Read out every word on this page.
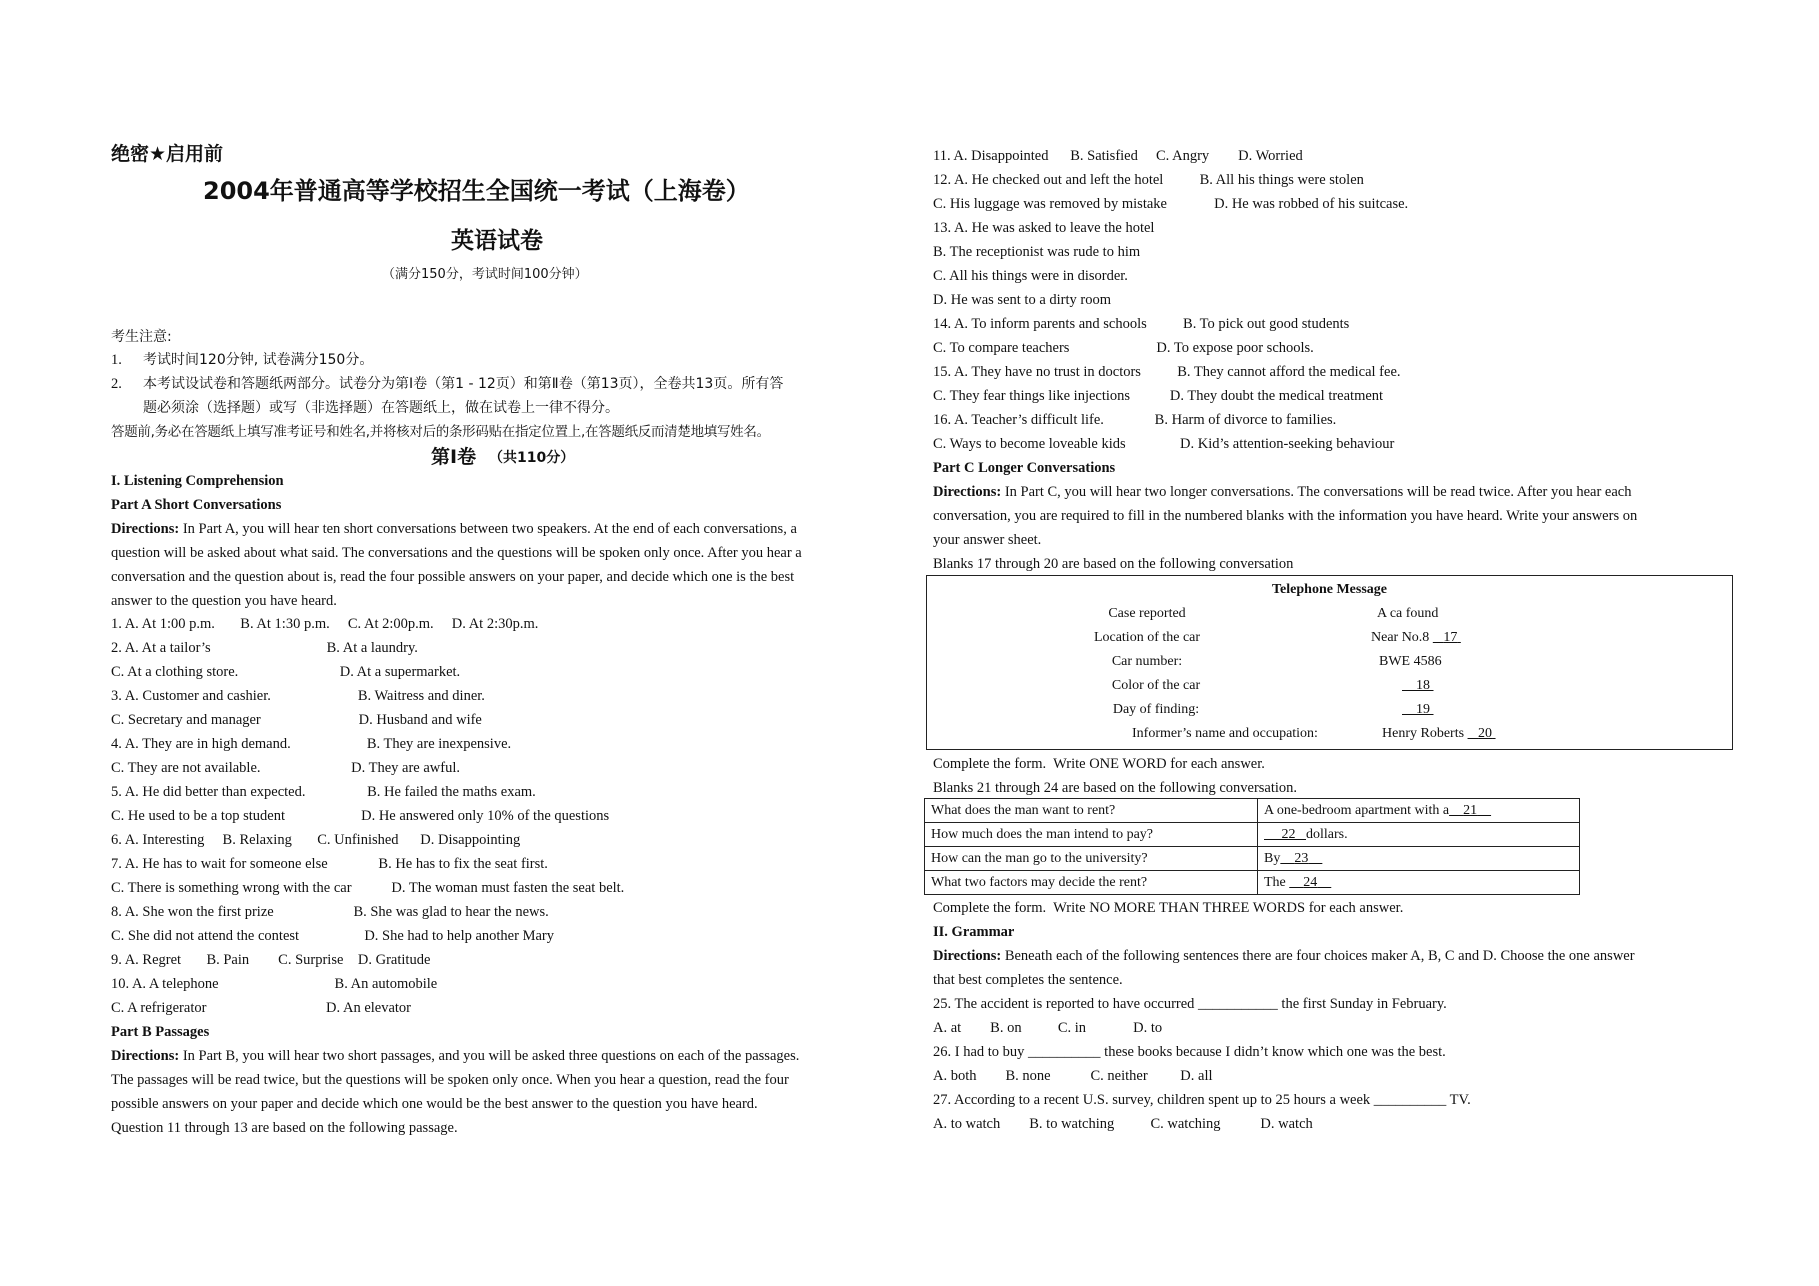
绝密★启用前
2004年普通高等学校招生全国统一考试（上海卷）
英语试卷
（满分150分，考试时间100分钟）
考生注意:
1. 考试时间120分钟, 试卷满分150分。
2. 本考试设试卷和答题纸两部分。试卷分为第Ⅰ卷（第1 - 12页）和第Ⅱ卷（第13页），全卷共13页。所有答
题必须涂（选择题）或写（非选择题）在答题纸上，做在试卷上一律不得分。
答题前,务必在答题纸上填写准考证号和姓名,并将核对后的条形码贴在指定位置上,在答题纸反而清楚地填写姓名。
第Ⅰ卷 （共110分）
I. Listening Comprehension
Part A Short Conversations
Directions: In Part A, you will hear ten short conversations between two speakers. At the end of each conversations, a
question will be asked about what said. The conversations and the questions will be spoken only once. After you hear a
conversation and the question about is, read the four possible answers on your paper, and decide which one is the best
answer to the question you have heard.
1. A. At 1:00 p.m.       B. At 1:30 p.m.     C. At 2:00p.m.     D. At 2:30p.m.
2. A. At a tailor’s                                B. At a laundry.
C. At a clothing store.                            D. At a supermarket.
3. A. Customer and cashier.                        B. Waitress and diner.
C. Secretary and manager                           D. Husband and wife
4. A. They are in high demand.                     B. They are inexpensive.
C. They are not available.                         D. They are awful.
5. A. He did better than expected.                 B. He failed the maths exam.
C. He used to be a top student                     D. He answered only 10% of the questions
6. A. Interesting     B. Relaxing       C. Unfinished      D. Disappointing
7. A. He has to wait for someone else              B. He has to fix the seat first.
C. There is something wrong with the car           D. The woman must fasten the seat belt.
8. A. She won the first prize                      B. She was glad to hear the news.
C. She did not attend the contest                  D. She had to help another Mary
9. A. Regret       B. Pain        C. Surprise    D. Gratitude
10. A. A telephone                                B. An automobile
C. A refrigerator                                 D. An elevator
Part B Passages
Directions: In Part B, you will hear two short passages, and you will be asked three questions on each of the passages.
The passages will be read twice, but the questions will be spoken only once. When you hear a question, read the four
possible answers on your paper and decide which one would be the best answer to the question you have heard.
Question 11 through 13 are based on the following passage.
11. A. Disappointed      B. Satisfied     C. Angry        D. Worried
12. A. He checked out and left the hotel          B. All his things were stolen
C. His luggage was removed by mistake             D. He was robbed of his suitcase.
13. A. He was asked to leave the hotel
B. The receptionist was rude to him
C. All his things were in disorder.
D. He was sent to a dirty room
14. A. To inform parents and schools          B. To pick out good students
C. To compare teachers                        D. To expose poor schools.
15. A. They have no trust in doctors          B. They cannot afford the medical fee.
C. They fear things like injections           D. They doubt the medical treatment
16. A. Teacher’s difficult life.              B. Harm of divorce to families.
C. Ways to become loveable kids               D. Kid’s attention-seeking behaviour
Part C Longer Conversations
Directions: In Part C, you will hear two longer conversations. The conversations will be read twice. After you hear each
conversation, you are required to fill in the numbered blanks with the information you have heard. Write your answers on
your answer sheet.
Blanks 17 through 20 are based on the following conversation
Telephone Message
Case reported	A ca found
Location of the car	Near No.8    17
Car number:	BWE 4586
Color of the car	18
Day of finding:	19
Informer’s name and occupation:	Henry Roberts    20
Complete the form.  Write ONE WORD for each answer.
Blanks 21 through 24 are based on the following conversation.
What does the man want to rent?	A one-bedroom apartment with a 21
How much does the man intend to pay?	22 dollars.
How can the man go to the university?	By 23
What two factors may decide the rent?	The     24
Complete the form.  Write NO MORE THAN THREE WORDS for each answer.
II. Grammar
Directions: Beneath each of the following sentences there are four choices maker A, B, C and D. Choose the one answer
that best completes the sentence.
25. The accident is reported to have occurred ___________ the first Sunday in February.
A. at        B. on          C. in             D. to
26. I had to buy __________ these books because I didn’t know which one was the best.
A. both        B. none           C. neither         D. all
27. According to a recent U.S. survey, children spent up to 25 hours a week __________ TV.
A. to watch        B. to watching          C. watching           D. watch
